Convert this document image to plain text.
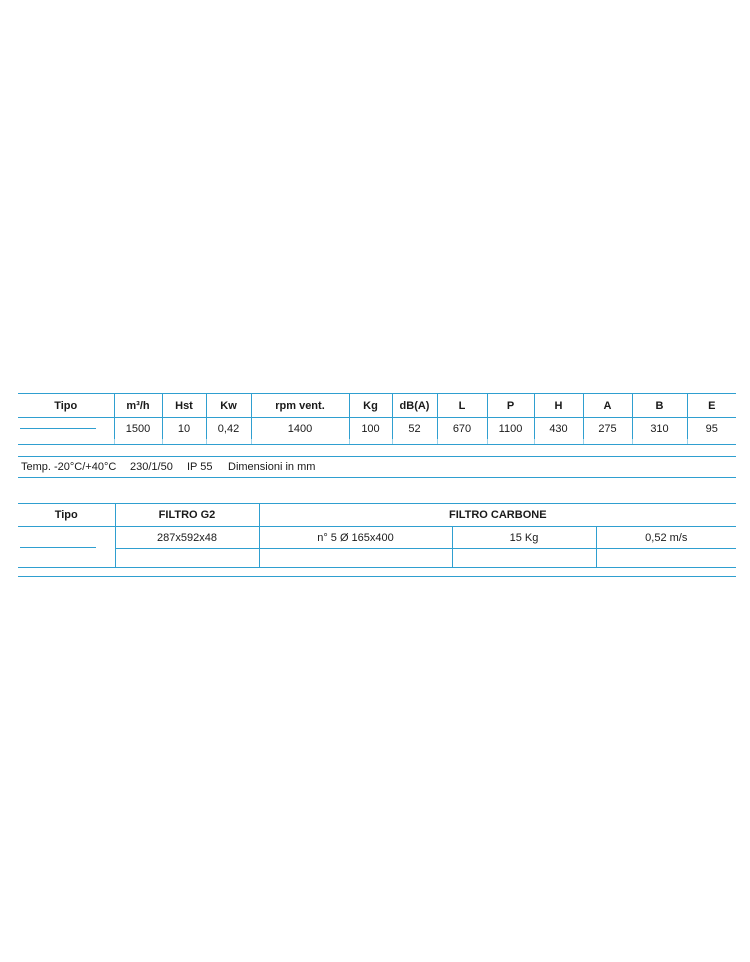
Tipo	m³/h	Hst	Kw	rpm vent.	Kg	dB(A)	L	P	H	A	B	E
	1500	10	0,42	1400	100	52	670	1100	430	275	310	95

Temp. -20°C/+40°C 230/1/50 IP 55 Dimensioni in mm
Tipo	FILTRO G2	FILTRO CARBONE		
	287x592x48	n° 5 Ø 165x400	15 Kg	0,52 m/s
